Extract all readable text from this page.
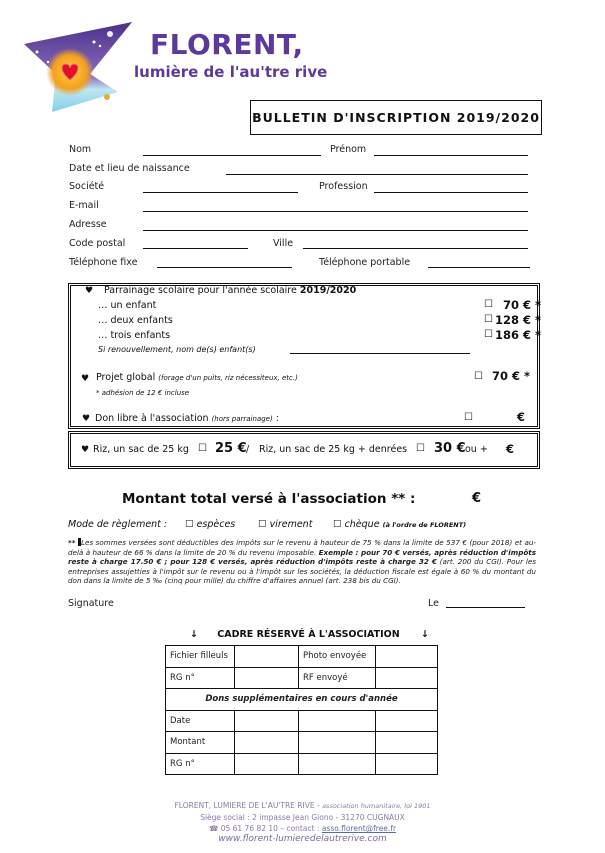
FLORENT,
lumière de l'au'tre rive
BULLETIN D'INSCRIPTION 2019/2020
Nom	Prénom
Date et lieu de naissance
Société	Profession
E-mail
Adresse
Code postal	Ville
Téléphone fixe	Téléphone portable
♥ Parrainage scolaire pour l'année scolaire 2019/2020
… un enfant	☐ 70 € *
… deux enfants	☐ 128 € *
… trois enfants	☐ 186 € *
Si renouvellement, nom de(s) enfant(s)
♥ Projet global (forage d'un puits, riz nécessiteux, etc.)	☐ 70 € *
* adhésion de 12 € incluse
♥ Don libre à l'association (hors parrainage) :	☐	€
♥ Riz, un sac de 25 kg ☐ 25 € / Riz, un sac de 25 kg + denrées ☐ 30 € ou + €
Montant total versé à l'association ** :	€
Mode de règlement : ☐ espèces ☐ virement ☐ chèque (à l'ordre de FLORENT)
** Les sommes versées sont déductibles des impôts sur le revenu à hauteur de 75 % dans la limite de 537 € (pour 2018) et au-delà à hauteur de 66 % dans la limite de 20 % du revenu imposable. Exemple : pour 70 € versés, après réduction d'impôts reste à charge 17.50 € ; pour 128 € versés, après réduction d'impôts reste à charge 32 € (art. 200 du CGI). Pour les entreprises assujetties à l'impôt sur le revenu ou à l'impôt sur les sociétés, la déduction fiscale est égale à 60 % du montant du don dans la limite de 5 ‰ (cinq pour mille) du chiffre d'affaires annuel (art. 238 bis du CGI).
Signature	Le
↓ CADRE RÉSERVÉ À L'ASSOCIATION ↓
Fichier filleuls		Photo envoyée	
RG n°		RF envoyé	
Dons supplémentaires en cours d'année			
Date			
Montant			
RG n°			
FLORENT, LUMIERE DE L'AU'TRE RIVE - association humanitaire, loi 1901
Siège social : 2 impasse Jean Giono - 31270 CUGNAUX
☎ 05 61 76 82 10 – contact : asso.florent@free.fr
www.florent-lumieredelautrerive.com
